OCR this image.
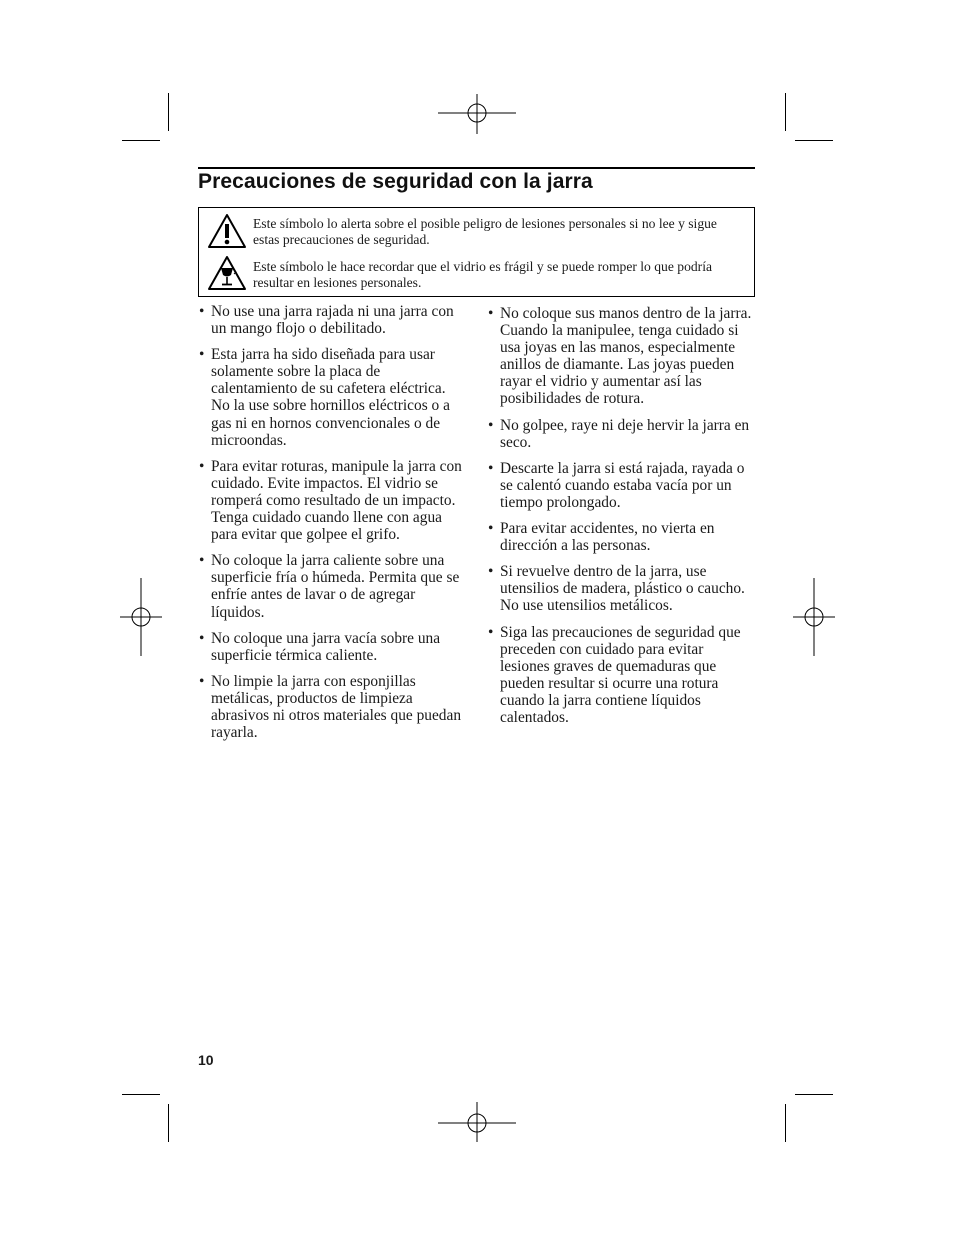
Precauciones de seguridad con la jarra

Este símbolo lo alerta sobre el posible peligro de lesiones personales si no lee y sigue estas precauciones de seguridad.

Este símbolo le hace recordar que el vidrio es frágil y se puede romper lo que podría resultar en lesiones personales.

• No use una jarra rajada ni una jarra con un mango flojo o debilitado.
• Esta jarra ha sido diseñada para usar solamente sobre la placa de calentamiento de su cafetera eléctrica. No la use sobre hornillos eléctricos o a gas ni en hornos convencionales o de microondas.
• Para evitar roturas, manipule la jarra con cuidado. Evite impactos. El vidrio se romperá como resultado de un impacto. Tenga cuidado cuando llene con agua para evitar que golpee el grifo.
• No coloque la jarra caliente sobre una superficie fría o húmeda. Permita que se enfríe antes de lavar o de agregar líquidos.
• No coloque una jarra vacía sobre una superficie térmica caliente.
• No limpie la jarra con esponjillas metálicas, productos de limpieza abrasivos ni otros materiales que puedan rayarla.
• No coloque sus manos dentro de la jarra. Cuando la manipulee, tenga cuidado si usa joyas en las manos, especialmente anillos de diamante. Las joyas pueden rayar el vidrio y aumentar así las posibilidades de rotura.
• No golpee, raye ni deje hervir la jarra en seco.
• Descarte la jarra si está rajada, rayada o se calentó cuando estaba vacía por un tiempo prolongado.
• Para evitar accidentes, no vierta en dirección a las personas.
• Si revuelve dentro de la jarra, use utensilios de madera, plástico o caucho. No use utensilios metálicos.
• Siga las precauciones de seguridad que preceden con cuidado para evitar lesiones graves de quemaduras que pueden resultar si ocurre una rotura cuando la jarra contiene líquidos calentados.
10
